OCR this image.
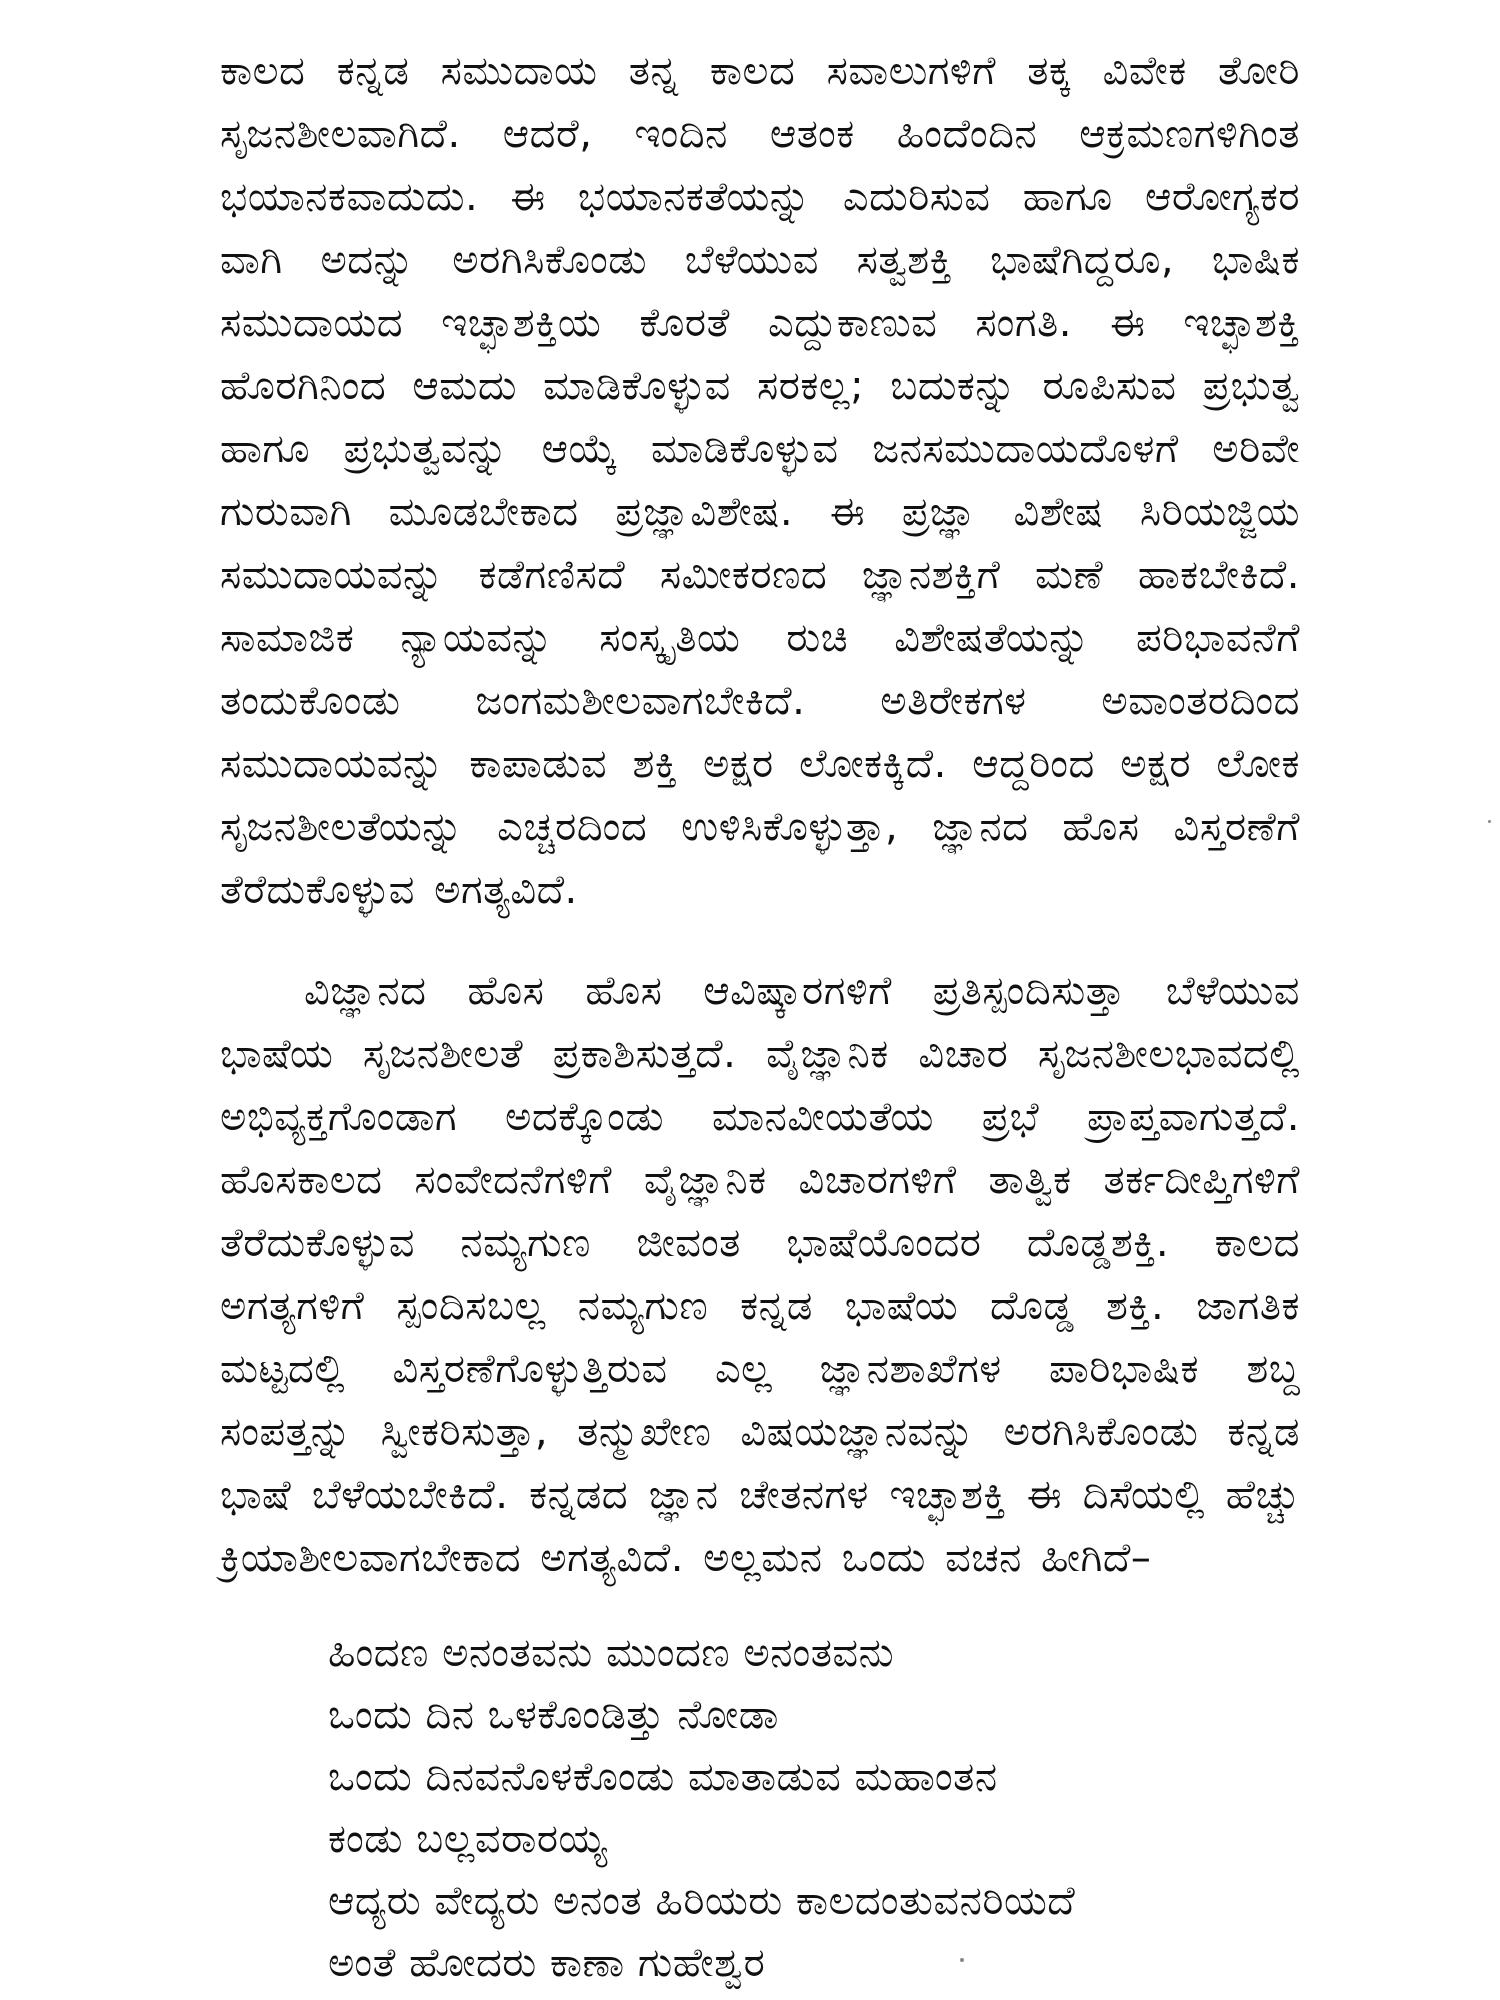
ಕಾಲದ ಕನ್ನಡ ಸಮುದಾಯ ತನ್ನ ಕಾಲದ ಸವಾಲುಗಳಿಗೆ ತಕ್ಕ ವಿವೇಕ ತೋರಿ ಸೃಜನಶೀಲವಾಗಿದೆ. ಆದರೆ, ಇಂದಿನ ಆತಂಕ ಹಿಂದೆಂದಿನ ಆಕ್ರಮಣಗಳಿಗಿಂತ ಭಯಾನಕವಾದುದು. ಈ ಭಯಾನಕತೆಯನ್ನು ಎದುರಿಸುವ ಹಾಗೂ ಆರೋಗ್ಯಕರ ವಾಗಿ ಅದನ್ನು ಅರಗಿಸಿಕೊಂಡು ಬೆಳೆಯುವ ಸತ್ವಶಕ್ತಿ ಭಾಷೆಗಿದ್ದರೂ, ಭಾಷಿಕ ಸಮುದಾಯದ ಇಚ್ಛಾಶಕ್ತಿಯ ಕೊರತೆ ಎದ್ದುಕಾಣುವ ಸಂಗತಿ. ಈ ಇಚ್ಛಾಶಕ್ತಿ ಹೊರಗಿನಿಂದ ಆಮದು ಮಾಡಿಕೊಳ್ಳುವ ಸರಕಲ್ಲ; ಬದುಕನ್ನು ರೂಪಿಸುವ ಪ್ರಭುತ್ವ ಹಾಗೂ ಪ್ರಭುತ್ವವನ್ನು ಆಯ್ಕೆ ಮಾಡಿಕೊಳ್ಳುವ ಜನಸಮುದಾಯದೊಳಗೆ ಅರಿವೇ ಗುರುವಾಗಿ ಮೂಡಬೇಕಾದ ಪ್ರಜ್ಞಾವಿಶೇಷ. ಈ ಪ್ರಜ್ಞಾ ವಿಶೇಷ ಸಿರಿಯಜ್ಜಿಯ ಸಮುದಾಯವನ್ನು ಕಡೆಗಣಿಸದೆ ಸಮೀಕರಣದ ಜ್ಞಾನಶಕ್ತಿಗೆ ಮಣೆ ಹಾಕಬೇಕಿದೆ. ಸಾಮಾಜಿಕ ನ್ಯಾಯವನ್ನು ಸಂಸ್ಕೃತಿಯ ರುಚಿ ವಿಶೇಷತೆಯನ್ನು ಪರಿಭಾವನೆಗೆ ತಂದುಕೊಂಡು ಜಂಗಮಶೀಲವಾಗಬೇಕಿದೆ. ಅತಿರೇಕಗಳ ಅವಾಂತರದಿಂದ ಸಮುದಾಯವನ್ನು ಕಾಪಾಡುವ ಶಕ್ತಿ ಅಕ್ಷರ ಲೋಕಕ್ಕಿದೆ. ಆದ್ದರಿಂದ ಅಕ್ಷರ ಲೋಕ ಸೃಜನಶೀಲತೆಯನ್ನು ಎಚ್ಚರದಿಂದ ಉಳಿಸಿಕೊಳ್ಳುತ್ತಾ, ಜ್ಞಾನದ ಹೊಸ ವಿಸ್ತರಣೆಗೆ ತೆರೆದುಕೊಳ್ಳುವ ಅಗತ್ಯವಿದೆ.

ವಿಜ್ಞಾನದ ಹೊಸ ಹೊಸ ಆವಿಷ್ಕಾರಗಳಿಗೆ ಪ್ರತಿಸ್ಪಂದಿಸುತ್ತಾ ಬೆಳೆಯುವ ಭಾಷೆಯ ಸೃಜನಶೀಲತೆ ಪ್ರಕಾಶಿಸುತ್ತದೆ. ವೈಜ್ಞಾನಿಕ ವಿಚಾರ ಸೃಜನಶೀಲಭಾವದಲ್ಲಿ ಅಭಿವ್ಯಕ್ತಗೊಂಡಾಗ ಅದಕ್ಕೊಂಡು ಮಾನವೀಯತೆಯ ಪ್ರಭೆ ಪ್ರಾಪ್ತವಾಗುತ್ತದೆ. ಹೊಸಕಾಲದ ಸಂವೇದನೆಗಳಿಗೆ ವೈಜ್ಞಾನಿಕ ವಿಚಾರಗಳಿಗೆ ತಾತ್ವಿಕ ತರ್ಕದೀಪ್ತಿಗಳಿಗೆ ತೆರೆದುಕೊಳ್ಳುವ ನಮ್ಯಗುಣ ಜೀವಂತ ಭಾಷೆಯೊಂದರ ದೊಡ್ಡಶಕ್ತಿ. ಕಾಲದ ಅಗತ್ಯಗಳಿಗೆ ಸ್ಪಂದಿಸಬಲ್ಲ ನಮ್ಯಗುಣ ಕನ್ನಡ ಭಾಷೆಯ ದೊಡ್ಡ ಶಕ್ತಿ. ಜಾಗತಿಕ ಮಟ್ಟದಲ್ಲಿ ವಿಸ್ತರಣೆಗೊಳ್ಳುತ್ತಿರುವ ಎಲ್ಲ ಜ್ಞಾನಶಾಖೆಗಳ ಪಾರಿಭಾಷಿಕ ಶಬ್ದ ಸಂಪತ್ತನ್ನು ಸ್ವೀಕರಿಸುತ್ತಾ, ತನ್ಮುಖೇಣ ವಿಷಯಜ್ಞಾನವನ್ನು ಅರಗಿಸಿಕೊಂಡು ಕನ್ನಡ ಭಾಷೆ ಬೆಳೆಯಬೇಕಿದೆ. ಕನ್ನಡದ ಜ್ಞಾನ ಚೇತನಗಳ ಇಚ್ಛಾಶಕ್ತಿ ಈ ದಿಸೆಯಲ್ಲಿ ಹೆಚ್ಚು ಕ್ರಿಯಾಶೀಲವಾಗಬೇಕಾದ ಅಗತ್ಯವಿದೆ. ಅಲ್ಲಮನ ಒಂದು ವಚನ ಹೀಗಿದೆ–

ಹಿಂದಣ ಅನಂತವನು ಮುಂದಣ ಅನಂತವನು
ಒಂದು ದಿನ ಒಳಕೊಂಡಿತ್ತು ನೋಡಾ
ಒಂದು ದಿನವನೊಳಕೊಂಡು ಮಾತಾಡುವ ಮಹಾಂತನ
ಕಂಡು ಬಲ್ಲವರಾರಯ್ಯ
ಆದ್ಯರು ವೇದ್ಯರು ಅನಂತ ಹಿರಿಯರು ಕಾಲದಂತುವನರಿಯದೆ
ಅಂತೆ ಹೋದರು ಕಾಣಾ ಗುಹೇಶ್ವರ
